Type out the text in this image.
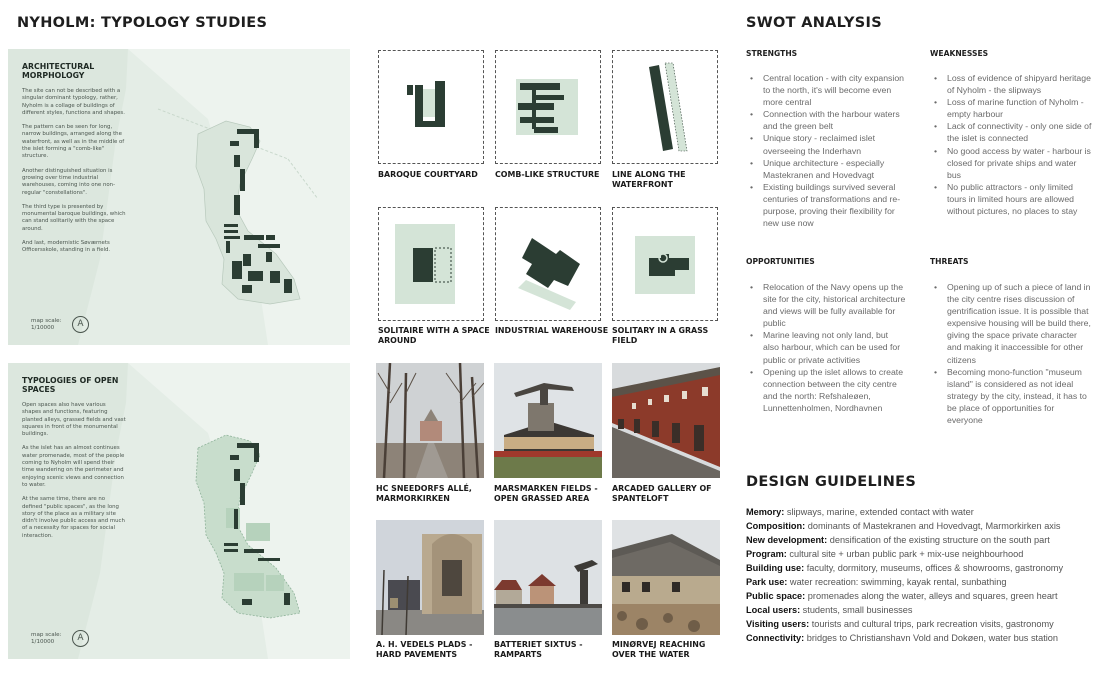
NYHOLM: TYPOLOGY STUDIES
ARCHITECTURAL MORPHOLOGY

The site can not be described with a singular dominant typology, rather, Nyholm is a collage of buildings of different styles, functions and shapes.

The pattern can be seen for long, narrow buildings, arranged along the waterfront, as well as in the middle of the islet forming a "comb-like" structure.

Another distinguished situation is growing over time industrial warehouses, coming into one non-regular "constellations".

The third type is presented by monumental baroque buildings, which can stand solitarily with the space around.

And last, modernistic Søværnets Officersskole, standing in a field.

map scale:
1/10000	A
TYPOLOGIES OF OPEN SPACES

Open spaces also have various shapes and functions, featuring planted alleys, grassed fields and vast squares in front of the monumental buildings.

As the islet has an almost continues water promenade, most of the people coming to Nyholm will spend their time wandering on the perimeter and enjoying scenic views and connection to water.

At the same time, there are no defined "public spaces", as the long story of the place as a military site didn't involve public access and much of a necessity for spaces for social interaction.

map scale:
1/10000	A
BAROQUE COURTYARD	COMB-LIKE STRUCTURE	LINE ALONG THE WATERFRONT
SOLITAIRE WITH A SPACE AROUND
INDUSTRIAL WAREHOUSE SOLITARY IN A GRASS FIELD
HC SNEEDORFS ALLÉ, MARMORKIRKEN
MARSMARKEN FIELDS - OPEN GRASSED AREA
ARCADED GALLERY OF SPANTELOFT
A. H. VEDELS PLADS - HARD PAVEMENTS
BATTERIET SIXTUS - RAMPARTS
MINØRVEJ REACHING OVER THE WATER
SWOT ANALYSIS
STRENGTHS
• Central location - with city expansion to the north, it's will become even more central
• Connection with the harbour waters and the green belt
• Unique story - reclaimed islet overseeing the Inderhavn
• Unique architecture - especially Mastekranen and Hovedvagt
• Existing buildings survived several centuries of transformations and re-purpose, proving their flexibility for new use now
WEAKNESSES
• Loss of evidence of shipyard heritage of Nyholm - the slipways
• Loss of marine function of Nyholm - empty harbour
• Lack of connectivity - only one side of the islet is connected
• No good access by water - harbour is closed for private ships and water bus
• No public attractors - only limited tours in limited hours are allowed without pictures, no places to stay
OPPORTUNITIES
• Relocation of the Navy opens up the site for the city, historical architecture and views will be fully available for public
• Marine leaving not only land, but also harbour, which can be used for public or private activities
• Opening up the islet allows to create connection between the city centre and the north: Refshaleøen, Lunnettenholmen, Nordhavnen
THREATS
• Opening up of such a piece of land in the city centre rises discussion of gentrification issue. It is possible that expensive housing will be build there, giving the space private character and making it inaccessible for other citizens
• Becoming mono-function "museum island" is considered as not ideal strategy by the city, instead, it has to be place of opportunities for everyone
DESIGN GUIDELINES
Memory: slipways, marine, extended contact with water
Composition: dominants of Mastekranen and Hovedvagt, Marmorkirken axis
New development: densification of the existing structure on the south part
Program: cultural site + urban public park + mix-use neighbourhood
Building use: faculty, dormitory, museums, offices & showrooms, gastronomy
Park use: water recreation: swimming, kayak rental, sunbathing
Public space: promenades along the water, alleys and squares, green heart
Local users: students, small businesses
Visiting users: tourists and cultural trips, park recreation visits, gastronomy
Connectivity: bridges to Christianshavn Vold and Dokøen, water bus station
